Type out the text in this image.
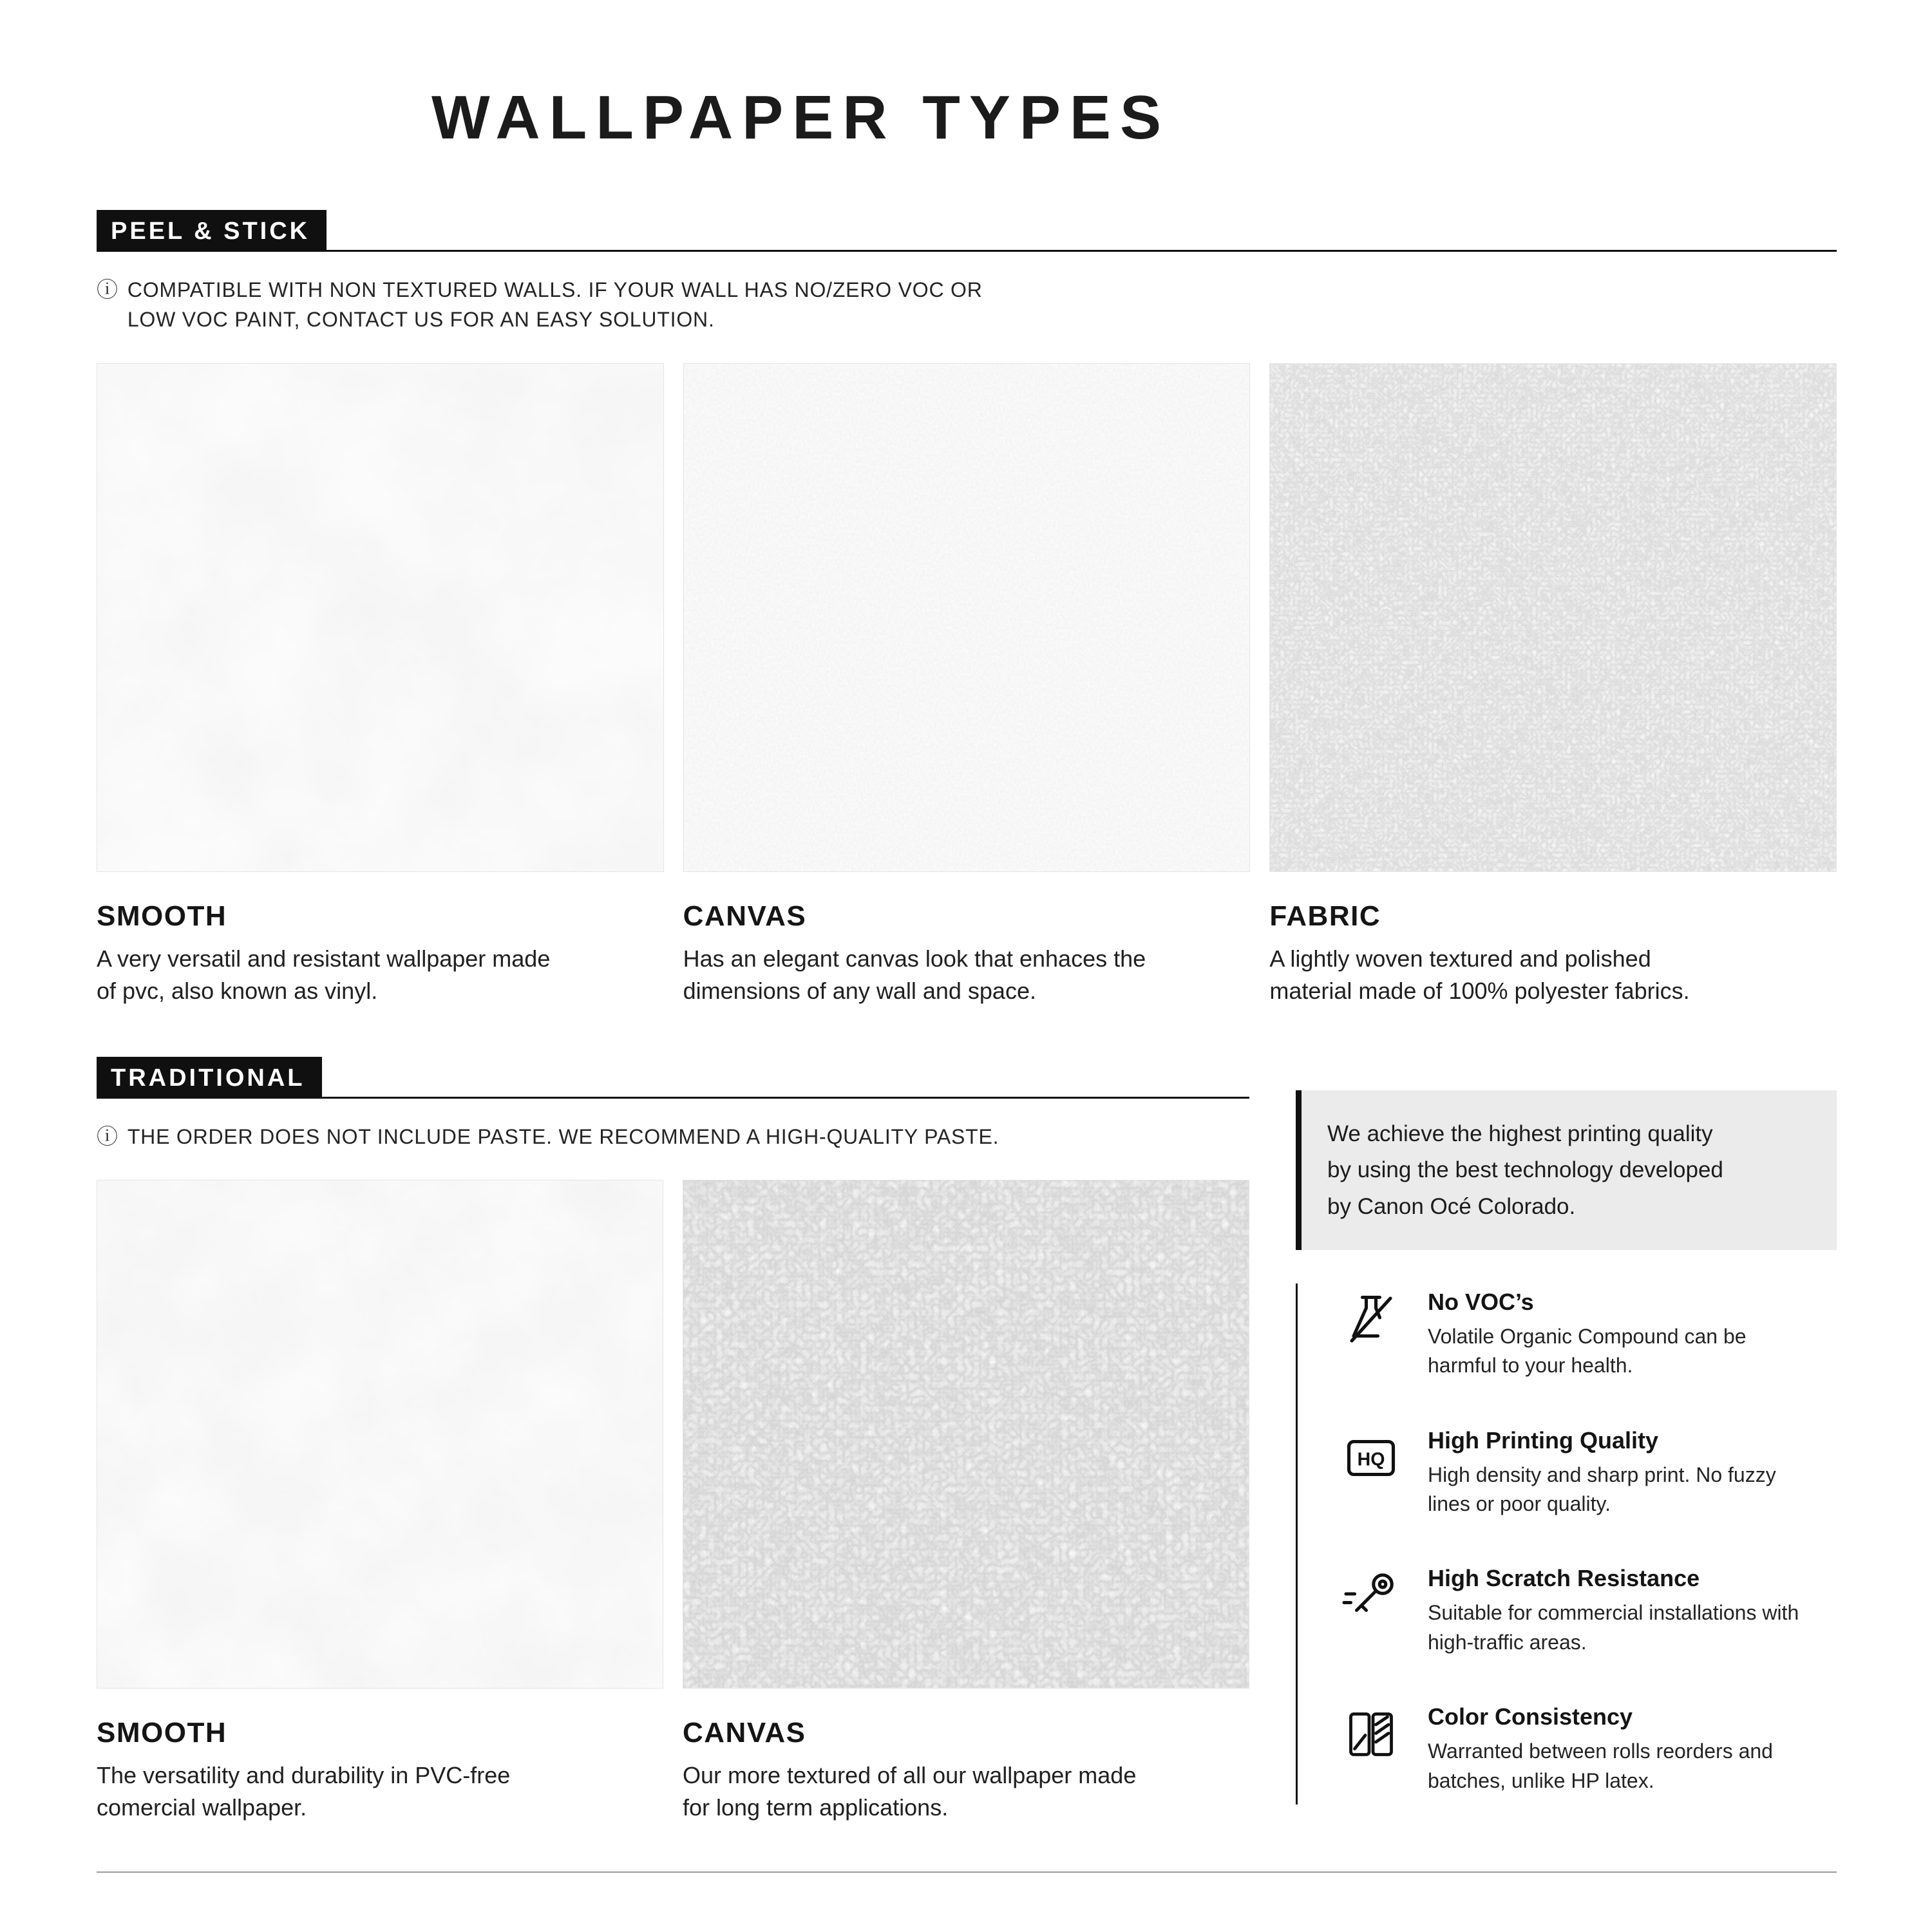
WALLPAPER TYPES
PEEL & STICK

ⓘ COMPATIBLE WITH NON TEXTURED WALLS. IF YOUR WALL HAS NO/ZERO VOC OR LOW VOC PAINT, CONTACT US FOR AN EASY SOLUTION.

SMOOTH
A very versatil and resistant wallpaper made of pvc, also known as vinyl.
CANVAS
Has an elegant canvas look that enhaces the dimensions of any wall and space.
FABRIC
A lightly woven textured and polished material made of 100% polyester fabrics.
TRADITIONAL

ⓘ THE ORDER DOES NOT INCLUDE PASTE. WE RECOMMEND A HIGH-QUALITY PASTE.

SMOOTH
The versatility and durability in PVC-free comercial wallpaper.
CANVAS
Our more textured of all our wallpaper made for long term applications.
We achieve the highest printing quality by using the best technology developed by Canon Océ Colorado.
No VOC’s
Volatile Organic Compound can be harmful to your health.
HQ
High Printing Quality
High density and sharp print. No fuzzy lines or poor quality.
High Scratch Resistance
Suitable for commercial installations with high-traffic areas.
Color Consistency
Warranted between rolls reorders and batches, unlike HP latex.
